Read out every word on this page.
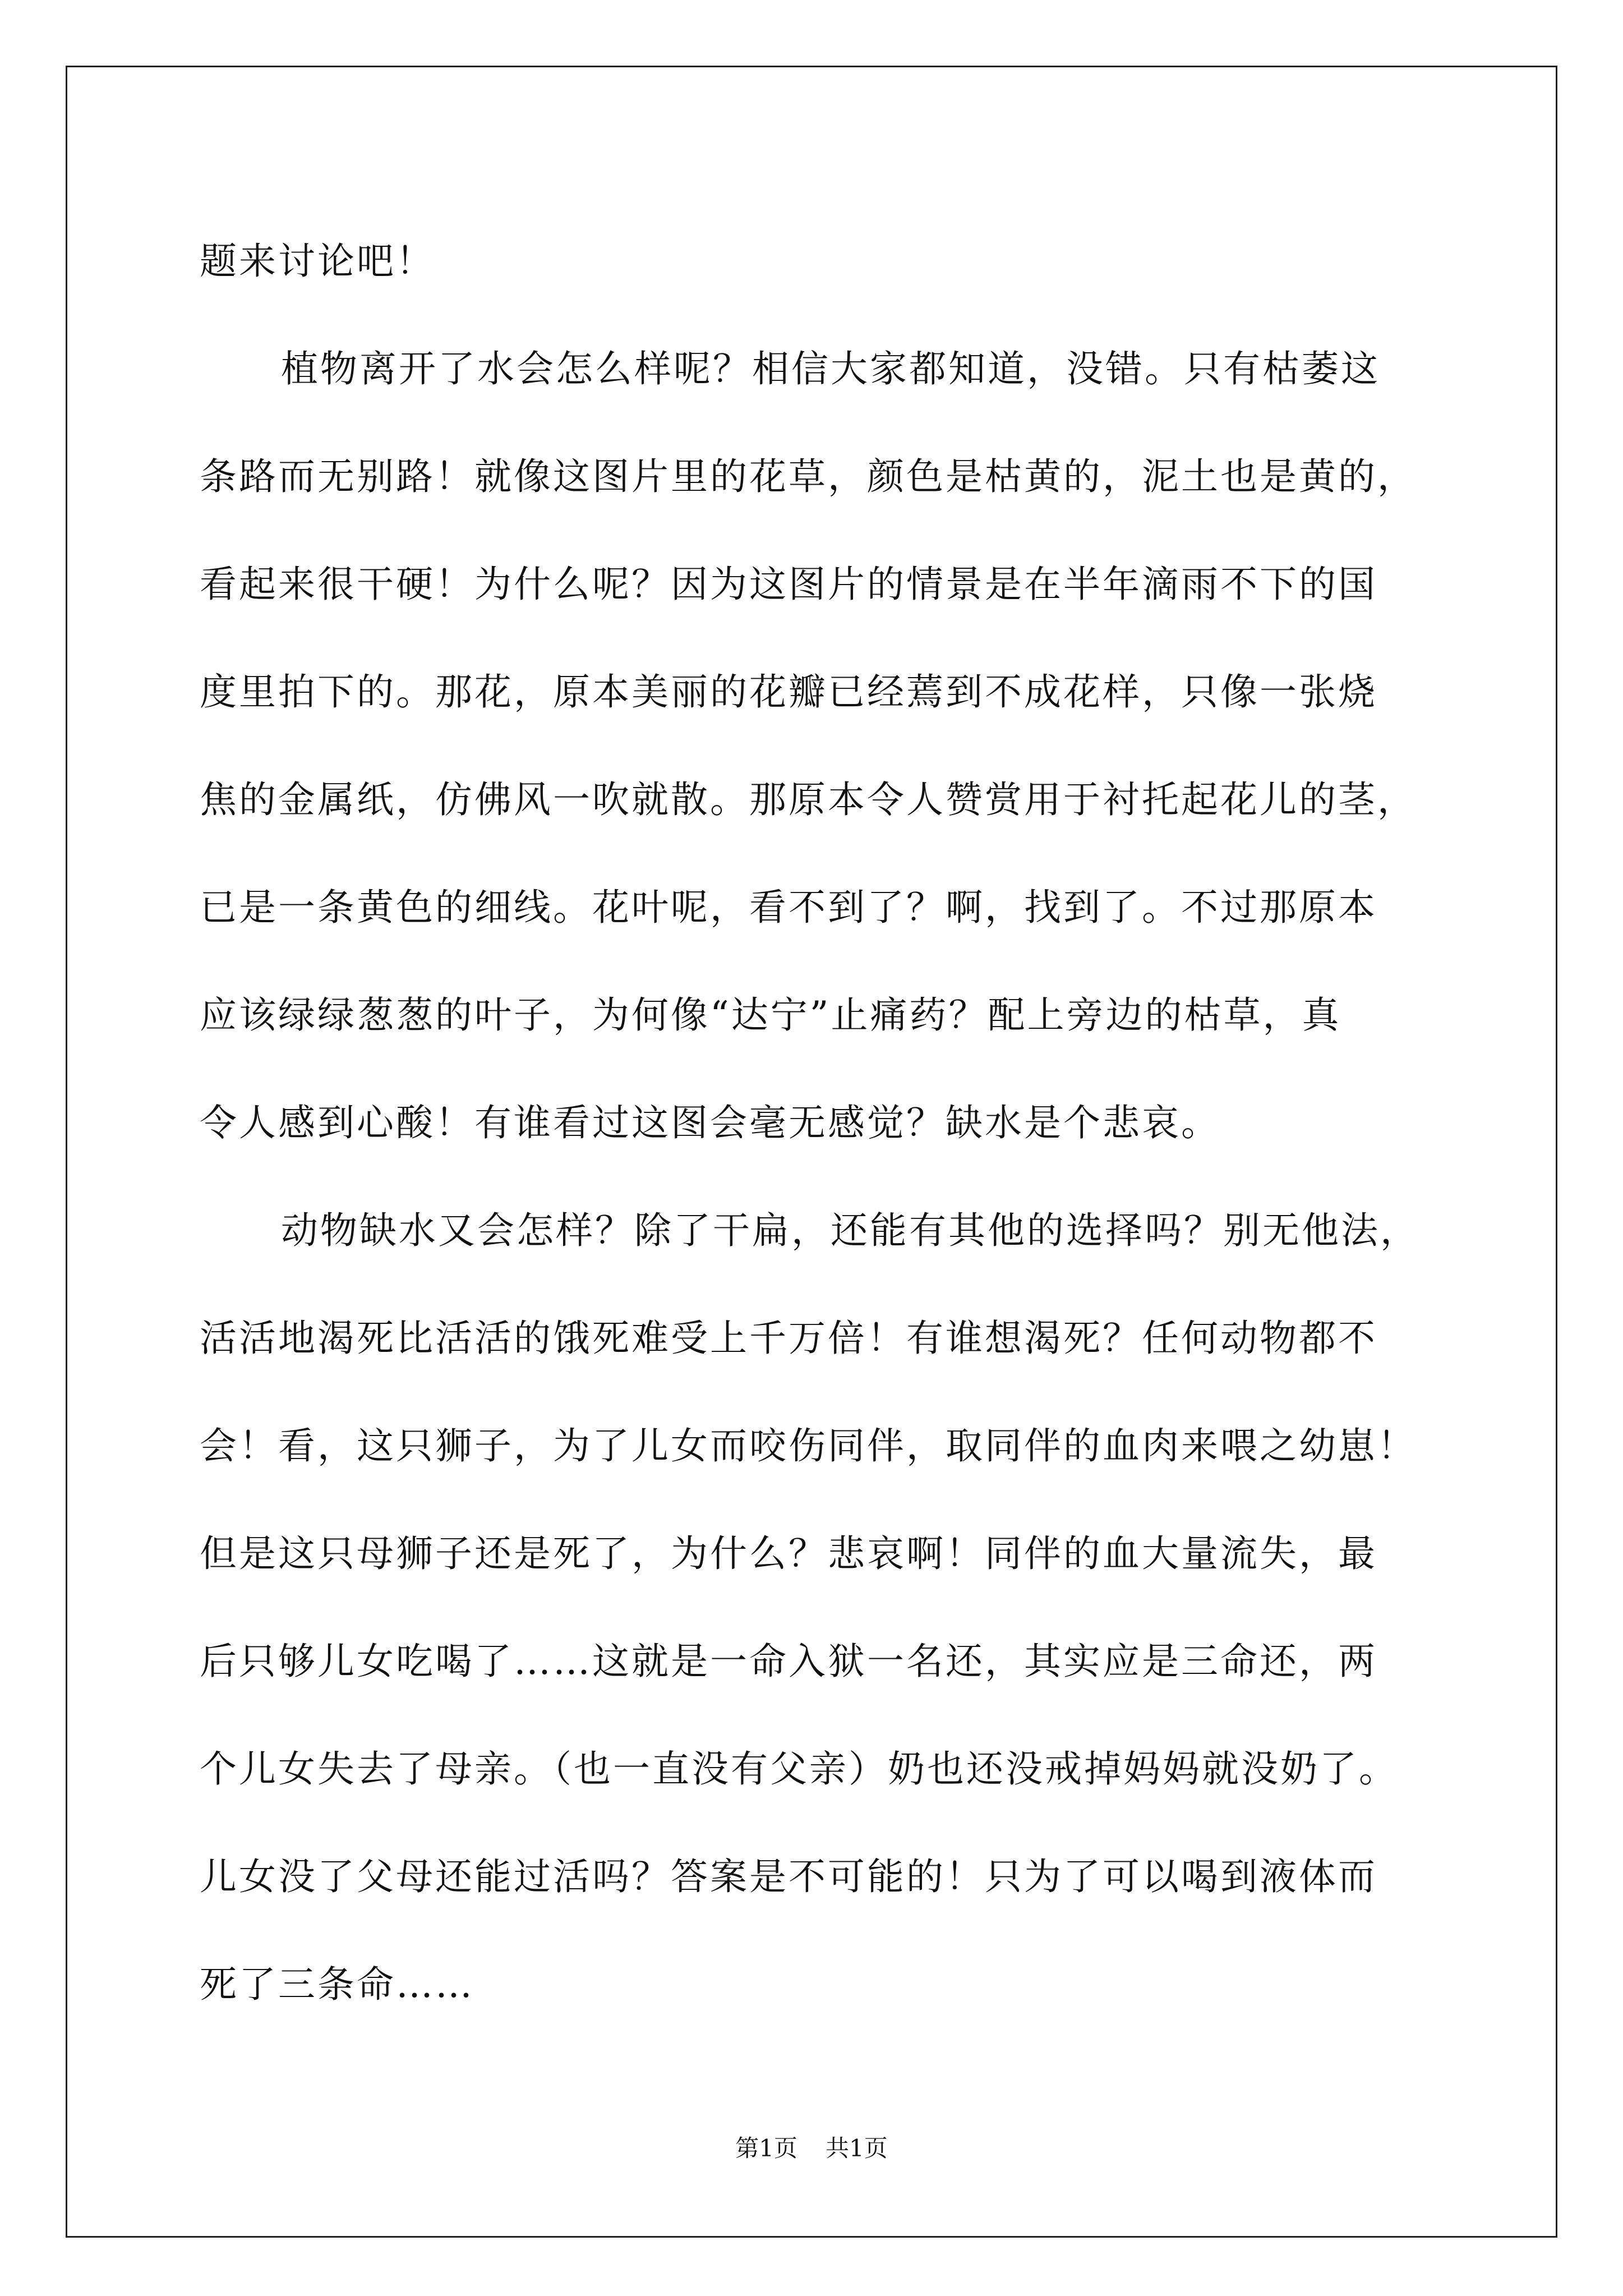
题来讨论吧！
植物离开了水会怎么样呢？相信大家都知道，没错。只有枯萎这
条路而无别路！就像这图片里的花草，颜色是枯黄的，泥土也是黄的，
看起来很干硬！为什么呢？因为这图片的情景是在半年滴雨不下的国
度里拍下的。那花，原本美丽的花瓣已经蔫到不成花样，只像一张烧
焦的金属纸，仿佛风一吹就散。那原本令人赞赏用于衬托起花儿的茎，
已是一条黄色的细线。花叶呢，看不到了？啊，找到了。不过那原本
应该绿绿葱葱的叶子，为何像“达宁”止痛药？配上旁边的枯草，真
令人感到心酸！有谁看过这图会毫无感觉？缺水是个悲哀。
动物缺水又会怎样？除了干扁，还能有其他的选择吗？别无他法，
活活地渴死比活活的饿死难受上千万倍！有谁想渴死？任何动物都不
会！看，这只狮子，为了儿女而咬伤同伴，取同伴的血肉来喂之幼崽！
但是这只母狮子还是死了，为什么？悲哀啊！同伴的血大量流失，最
后只够儿女吃喝了……这就是一命入狱一名还，其实应是三命还，两
个儿女失去了母亲。（也一直没有父亲）奶也还没戒掉妈妈就没奶了。
儿女没了父母还能过活吗？答案是不可能的！只为了可以喝到液体而
死了三条命……
第1页 共1页
